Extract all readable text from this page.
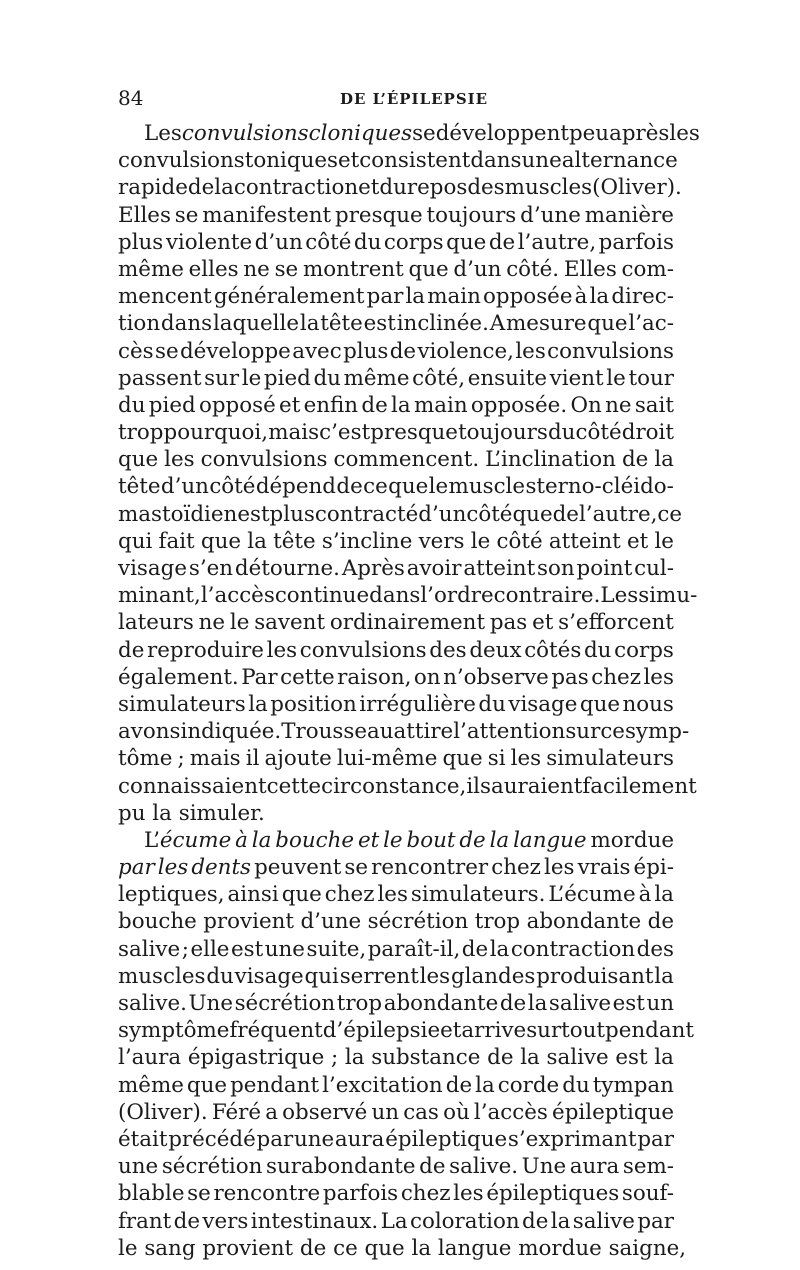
84	DE L’ÉPILEPSIE
Les convulsions cloniques se développent peu après les
convulsions toniques et consistent dans une alternance
rapide de la contraction et du repos des muscles (Oliver).
Elles se manifestent presque toujours d’une manière
plus violente d’un côté du corps que de l’autre, parfois
même elles ne se montrent que d’un côté. Elles com-
mencent généralement par la main opposée à la direc-
tion dans laquelle la tête est inclinée. A mesure que l’ac-
cès se développe avec plus de violence, les convulsions
passent sur le pied du même côté, ensuite vient le tour
du pied opposé et enfin de la main opposée. On ne sait
trop pourquoi, mais c’est presque toujours du côté droit
que les convulsions commencent. L’inclination de la
tête d’un côté dépend de ce que le muscle sterno-cléido-
mastoïdien est plus contracté d’un côté que de l’autre, ce
qui fait que la tête s’incline vers le côté atteint et le
visage s’en détourne. Après avoir atteint son point cul-
minant, l’accès continue dans l’ordre contraire. Les simu-
lateurs ne le savent ordinairement pas et s’efforcent
de reproduire les convulsions des deux côtés du corps
également. Par cette raison, on n’observe pas chez les
simulateurs la position irrégulière du visage que nous
avons indiquée. Trousseau attire l’attention sur ce symp-
tôme ; mais il ajoute lui-même que si les simulateurs
connaissaient cette circonstance, ils auraient facilement
pu
la
simuler.
L’écume à la bouche et le bout de la langue mordue
par les dents peuvent se rencontrer chez les vrais épi-
leptiques, ainsi que chez les simulateurs. L’écume à la
bouche provient d’une sécrétion trop abondante de
salive ; elle est une suite, paraît-il, de la contraction des
muscles du visage qui serrent les glandes produisant la
salive. Une sécrétion trop abondante de la salive est un
symptôme fréquent d’épilepsie et arrive surtout pendant
l’aura épigastrique ; la substance de la salive est la
même que pendant l’excitation de la corde du tympan
(Oliver). Féré a observé un cas où l’accès épileptique
était précédé par une aura épileptique s’exprimant par
une sécrétion surabondante de salive. Une aura sem-
blable se rencontre parfois chez les épileptiques souf-
frant de vers intestinaux. La coloration de la salive par
le
sang
provient
de
ce
que
la
langue
mordue
saigne,
